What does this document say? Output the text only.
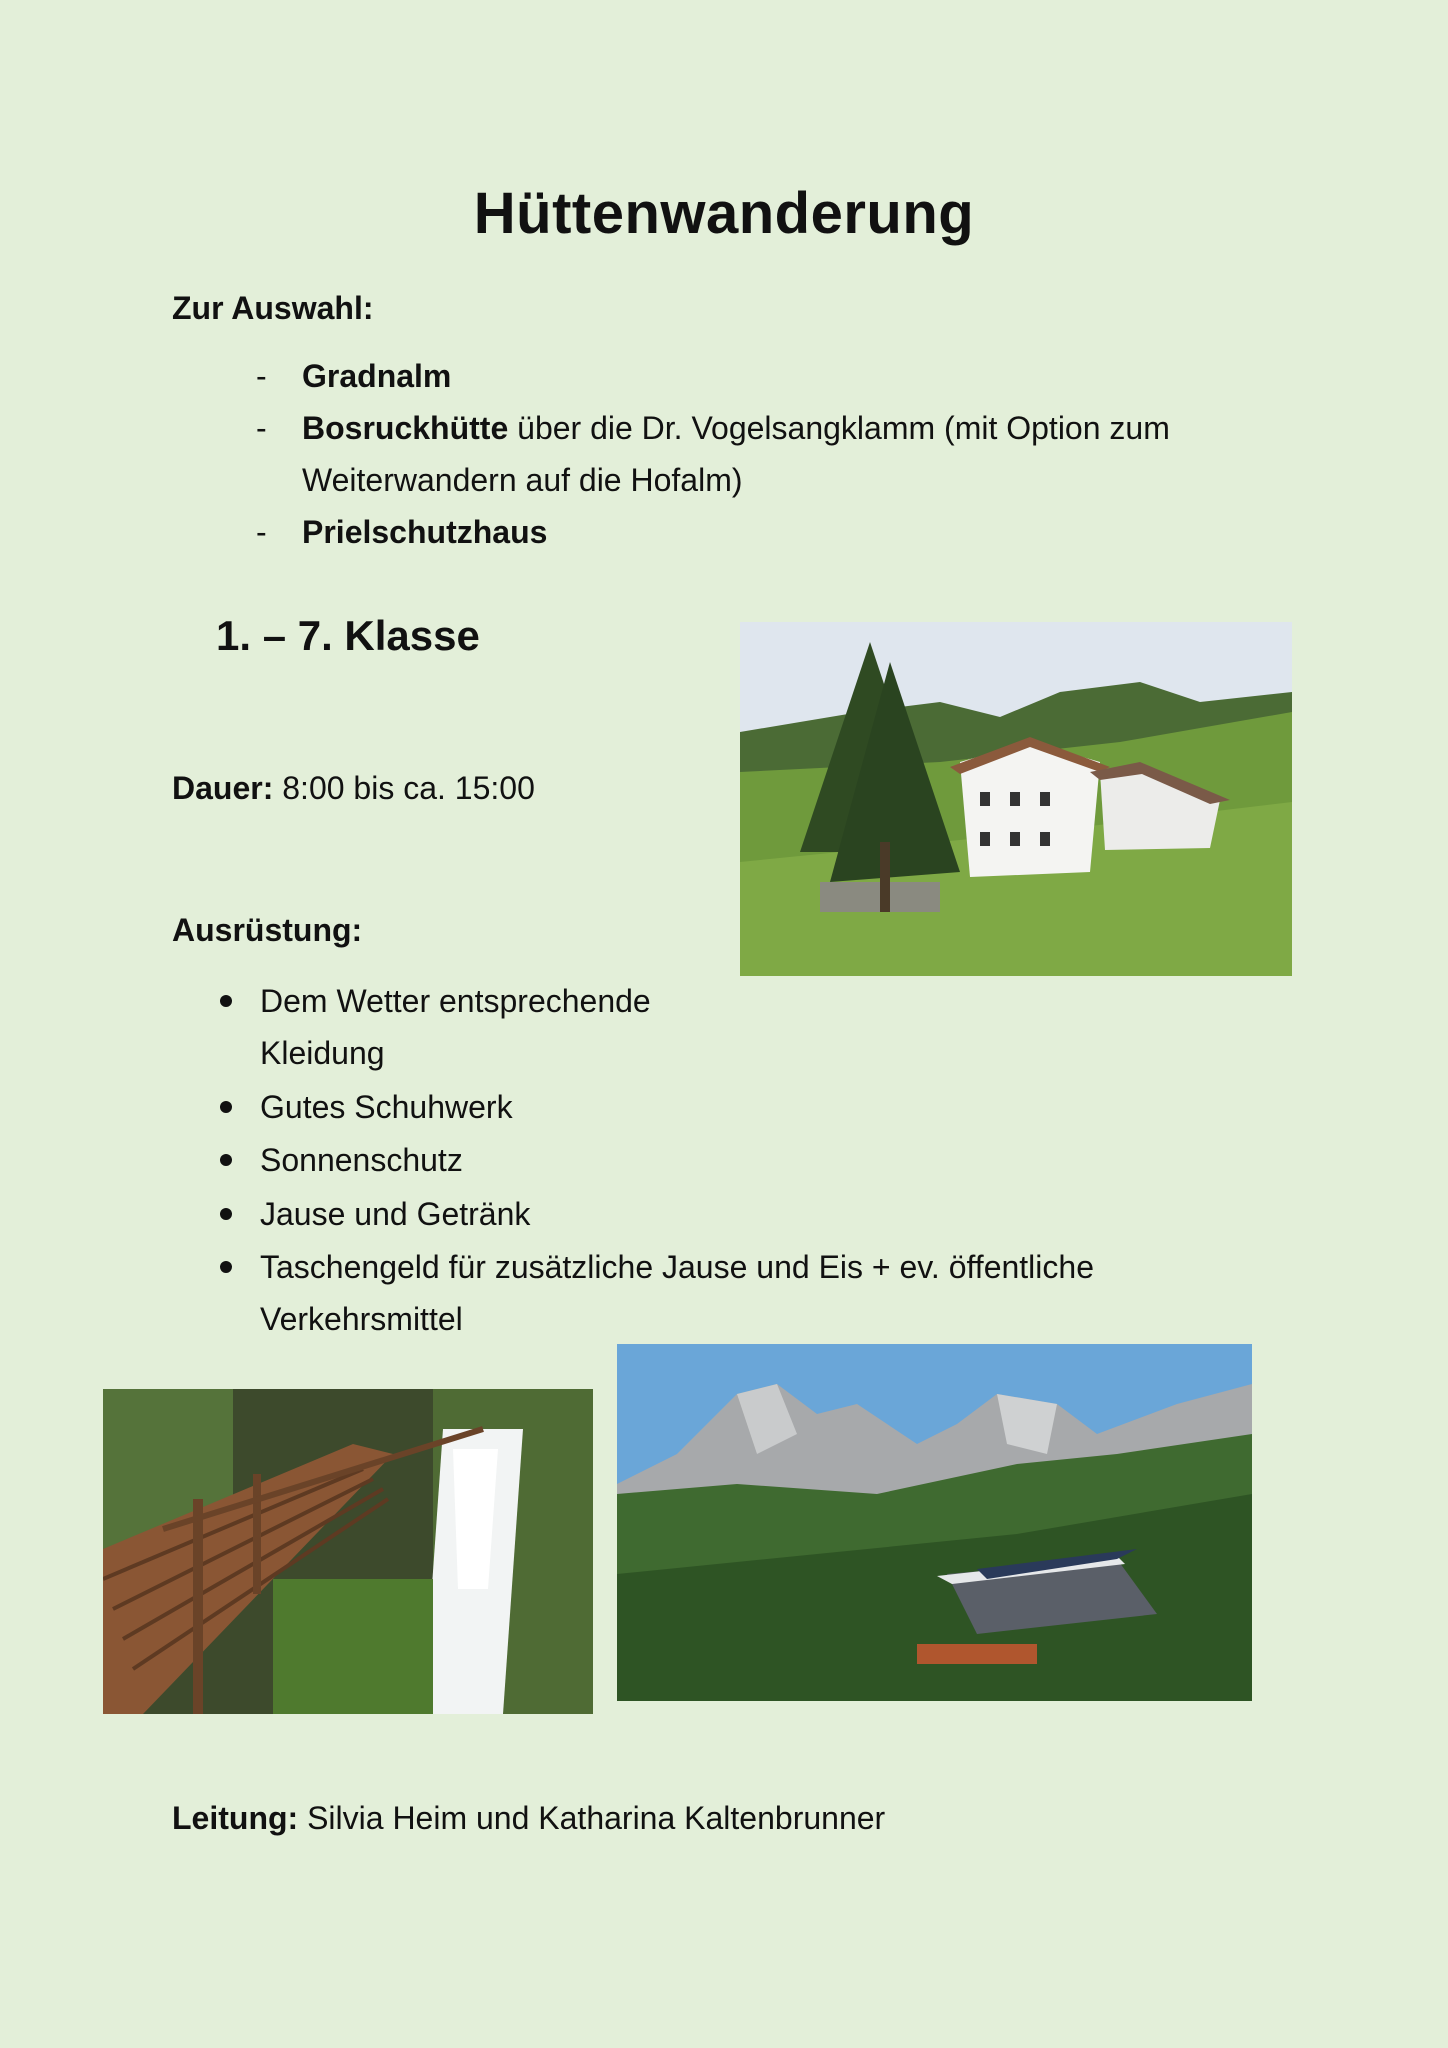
Hüttenwanderung
Zur Auswahl:
- Gradnalm
- Bosruckhütte über die Dr. Vogelsangklamm (mit Option zum
Weiterwandern auf die Hofalm)
- Prielschutzhaus
1. – 7. Klasse
Dauer: 8:00 bis ca. 15:00
Ausrüstung:
Dem Wetter entsprechende
Kleidung
Gutes Schuhwerk
Sonnenschutz
Jause und Getränk
Taschengeld für zusätzliche Jause und Eis + ev. öffentliche
Verkehrsmittel
Leitung: Silvia Heim und Katharina Kaltenbrunner
